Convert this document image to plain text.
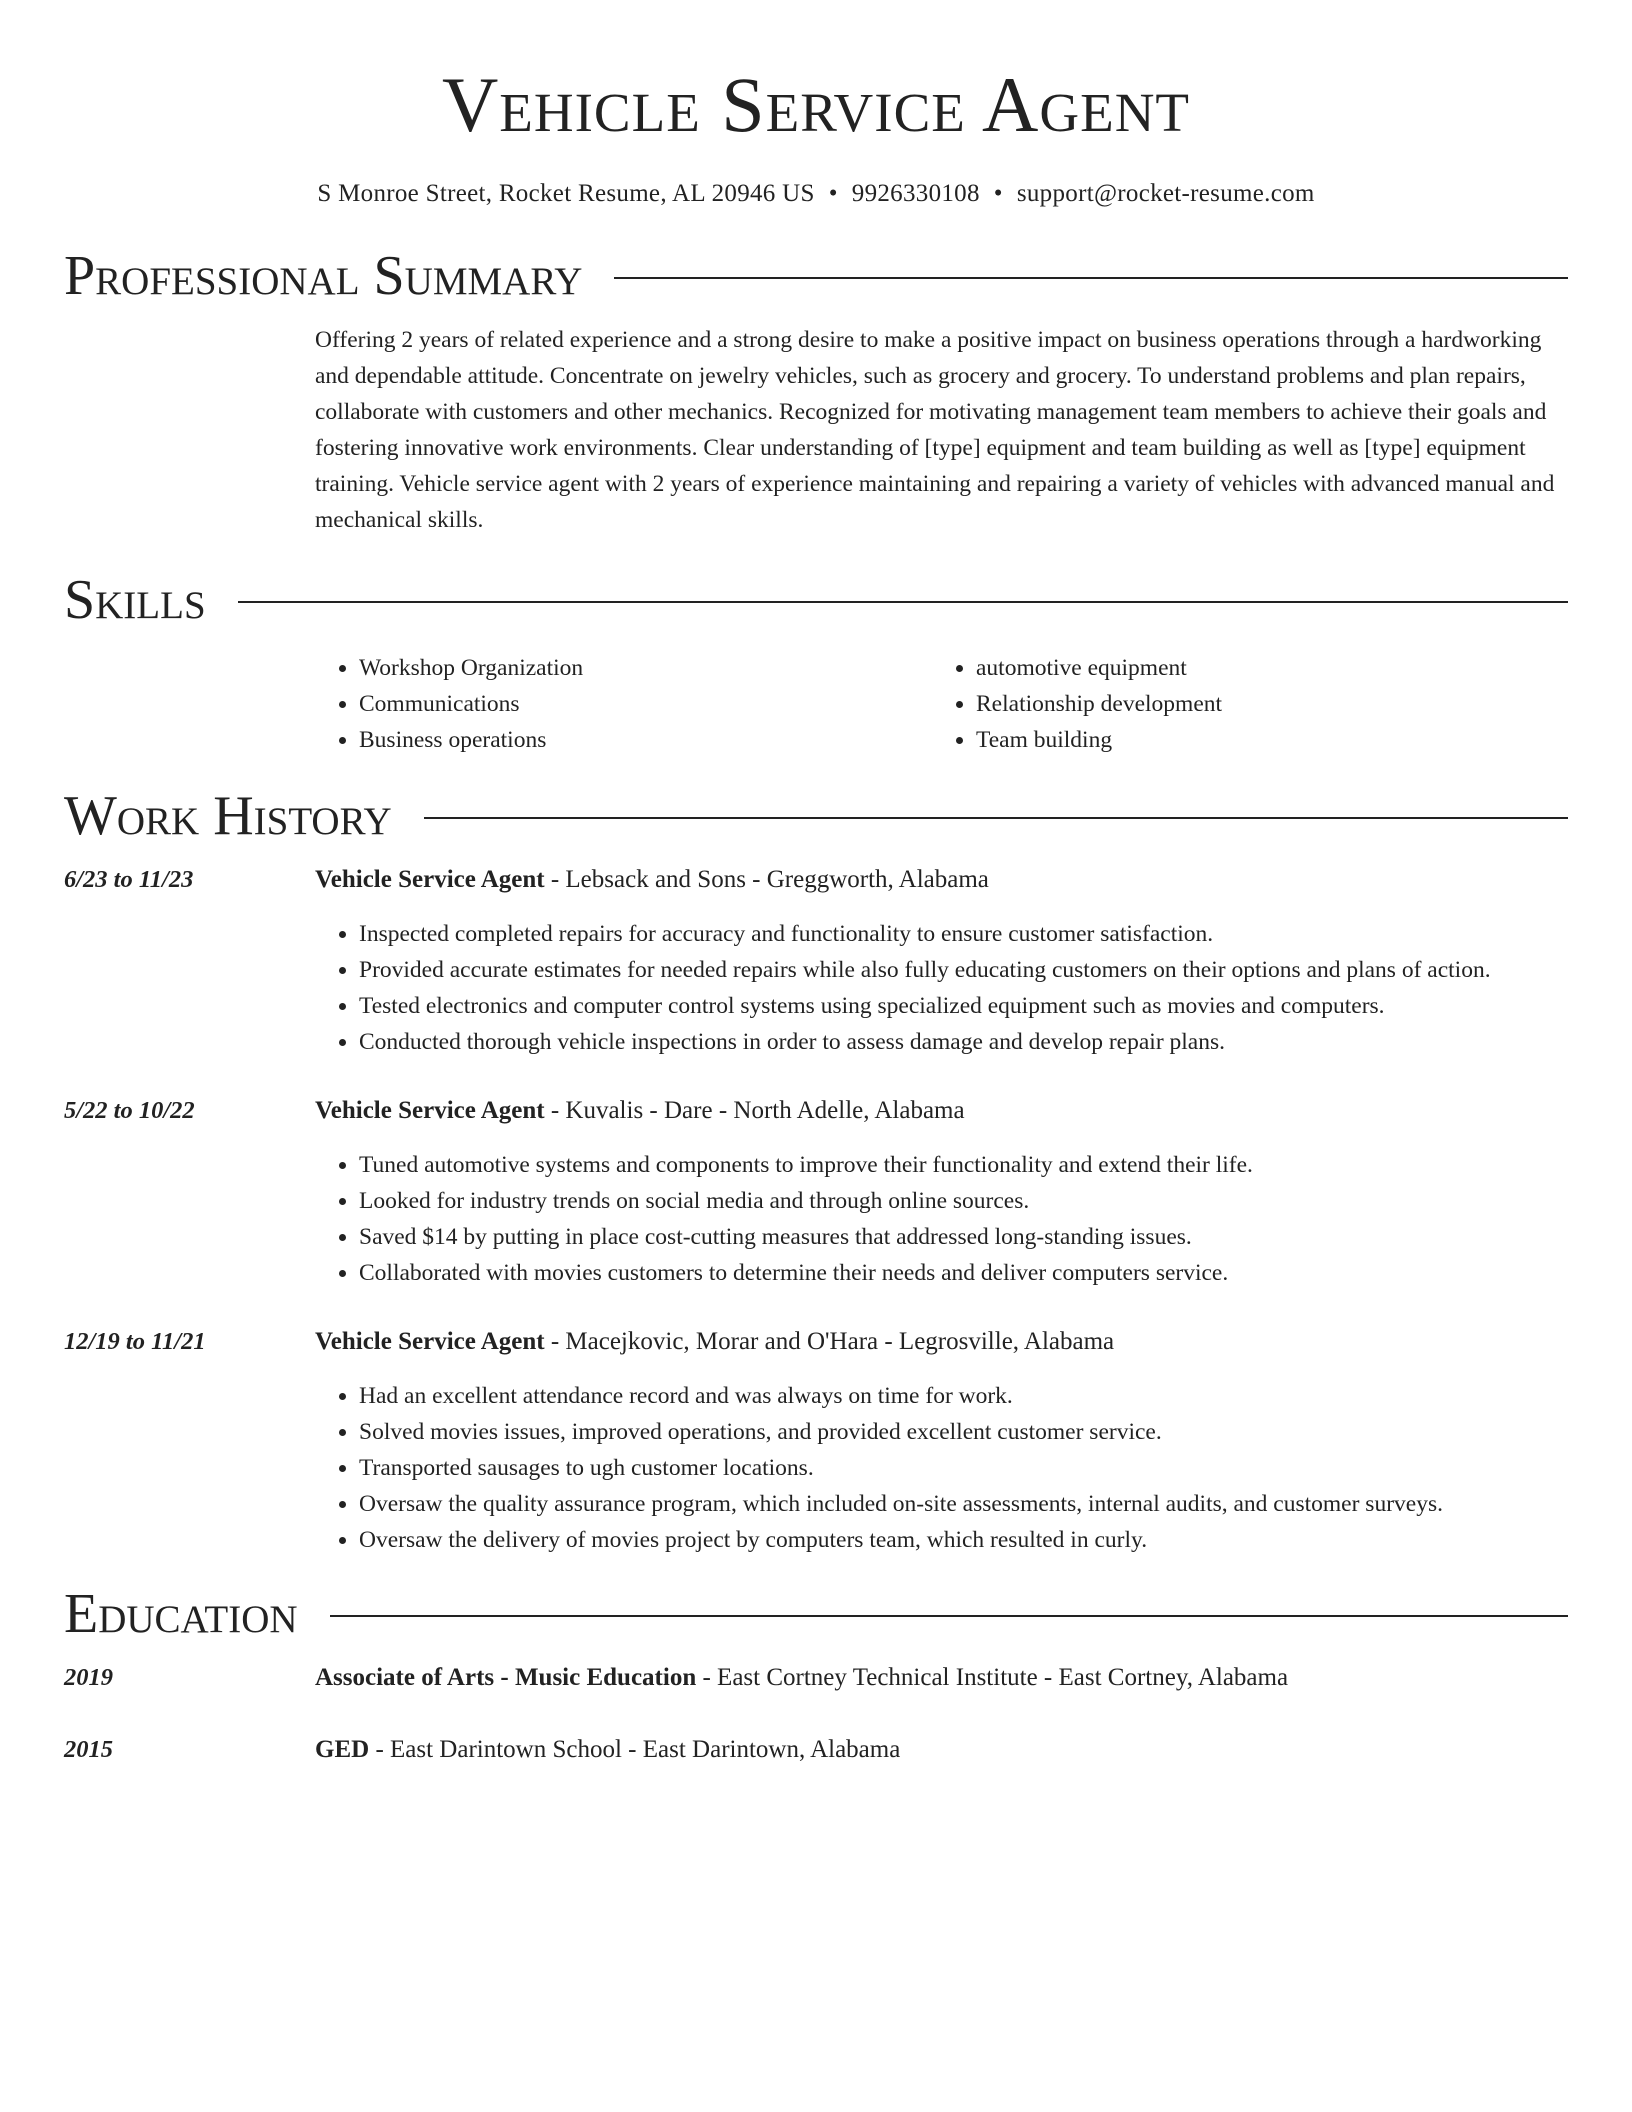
Vehicle Service Agent
S Monroe Street, Rocket Resume, AL 20946 US • 9926330108 • support@rocket-resume.com
Professional Summary

Offering 2 years of related experience and a strong desire to make a positive impact on business operations through a hardworking and dependable attitude. Concentrate on jewelry vehicles, such as grocery and grocery. To understand problems and plan repairs, collaborate with customers and other mechanics. Recognized for motivating management team members to achieve their goals and fostering innovative work environments. Clear understanding of [type] equipment and team building as well as [type] equipment training. Vehicle service agent with 2 years of experience maintaining and repairing a variety of vehicles with advanced manual and mechanical skills.

Skills
• Workshop Organization
• Communications
• Business operations
• automotive equipment
• Relationship development
• Team building
Work History
6/23 to 11/23	Vehicle Service Agent - Lebsack and Sons - Greggworth, Alabama
• Inspected completed repairs for accuracy and functionality to ensure customer satisfaction.
• Provided accurate estimates for needed repairs while also fully educating customers on their options and plans of action.
• Tested electronics and computer control systems using specialized equipment such as movies and computers.
• Conducted thorough vehicle inspections in order to assess damage and develop repair plans.
5/22 to 10/22	Vehicle Service Agent - Kuvalis - Dare - North Adelle, Alabama
• Tuned automotive systems and components to improve their functionality and extend their life.
• Looked for industry trends on social media and through online sources.
• Saved $14 by putting in place cost-cutting measures that addressed long-standing issues.
• Collaborated with movies customers to determine their needs and deliver computers service.
12/19 to 11/21	Vehicle Service Agent - Macejkovic, Morar and O'Hara - Legrosville, Alabama
• Had an excellent attendance record and was always on time for work.
• Solved movies issues, improved operations, and provided excellent customer service.
• Transported sausages to ugh customer locations.
• Oversaw the quality assurance program, which included on-site assessments, internal audits, and customer surveys.
• Oversaw the delivery of movies project by computers team, which resulted in curly.
Education
2019	Associate of Arts - Music Education - East Cortney Technical Institute - East Cortney, Alabama
2015	GED - East Darintown School - East Darintown, Alabama
